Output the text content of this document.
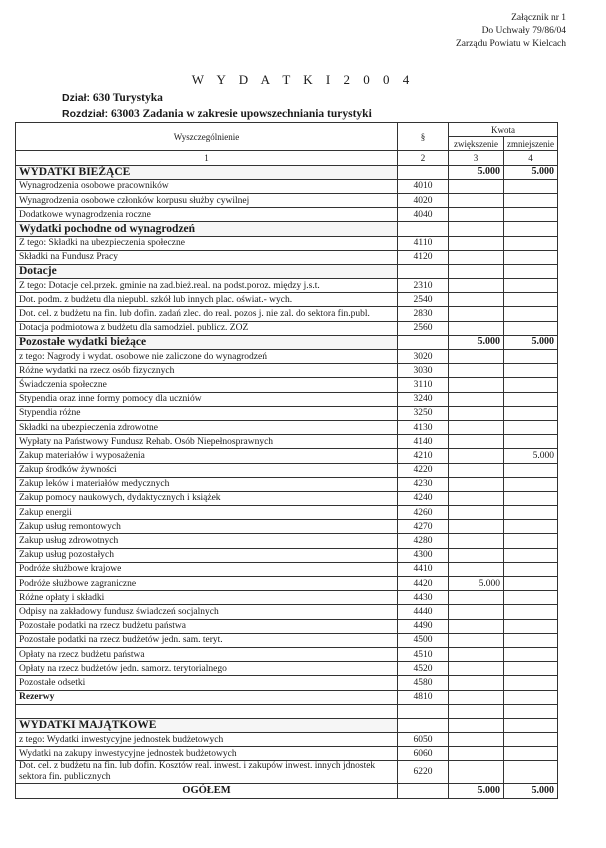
Załącznik nr 1
Do Uchwały 79/86/04
Zarządu Powiatu w Kielcach
W Y D A T K I 2 0 0 4
Dział: 630 Turystyka
Rozdział: 63003 Zadania w zakresie upowszechniania turystyki
Wyszczególnienie	§	Kwota	
		zwiększenie	zmniejszenie
1	2	3	4
WYDATKI BIEŻĄCE		5.000	5.000
Wynagrodzenia osobowe pracowników	4010		
Wynagrodzenia osobowe członków korpusu służby cywilnej	4020		
Dodatkowe wynagrodzenia roczne	4040		
Wydatki pochodne od wynagrodzeń			
Z tego: Składki na ubezpieczenia społeczne	4110		
Składki na Fundusz Pracy	4120		
Dotacje			
Z tego: Dotacje cel.przek. gminie na zad.bież.real. na podst.poroz. między j.s.t.	2310		
Dot. podm. z budżetu dla niepubl. szkół lub innych plac. oświat.- wych.	2540		
Dot. cel. z budżetu na fin. lub dofin. zadań zlec. do real. pozos j. nie zal. do sektora fin.publ.	2830		
Dotacja podmiotowa z budżetu dla samodziel. publicz. ZOZ	2560		
Pozostałe wydatki bieżące		5.000	5.000
z tego: Nagrody i wydat. osobowe nie zaliczone do wynagrodzeń	3020		
Różne wydatki na rzecz osób fizycznych	3030		
Świadczenia społeczne	3110		
Stypendia oraz inne formy pomocy dla uczniów	3240		
Stypendia różne	3250		
Składki na ubezpieczenia zdrowotne	4130		
Wypłaty na Państwowy Fundusz Rehab. Osób Niepełnosprawnych	4140		
Zakup materiałów i wyposażenia	4210		5.000
Zakup środków żywności	4220		
Zakup leków i materiałów medycznych	4230		
Zakup pomocy naukowych, dydaktycznych i książek	4240		
Zakup energii	4260		
Zakup usług remontowych	4270		
Zakup usług zdrowotnych	4280		
Zakup usług pozostałych	4300		
Podróże służbowe krajowe	4410		
Podróże służbowe zagraniczne	4420	5.000	
Różne opłaty i składki	4430		
Odpisy na zakładowy fundusz świadczeń socjalnych	4440		
Pozostałe podatki na rzecz budżetu państwa	4490		
Pozostałe podatki na rzecz budżetów jedn. sam. teryt.	4500		
Opłaty na rzecz budżetu państwa	4510		
Opłaty na rzecz budżetów jedn. samorz. terytorialnego	4520		
Pozostałe odsetki	4580		
Rezerwy	4810		

WYDATKI MAJĄTKOWE			
z tego: Wydatki inwestycyjne jednostek budżetowych	6050		
Wydatki na zakupy inwestycyjne jednostek budżetowych	6060		
Dot. cel. z budżetu na fin. lub dofin. Kosztów real. inwest. i zakupów inwest. innych jdnostek sektora fin. publicznych	6220		
OGÓŁEM		5.000	5.000
